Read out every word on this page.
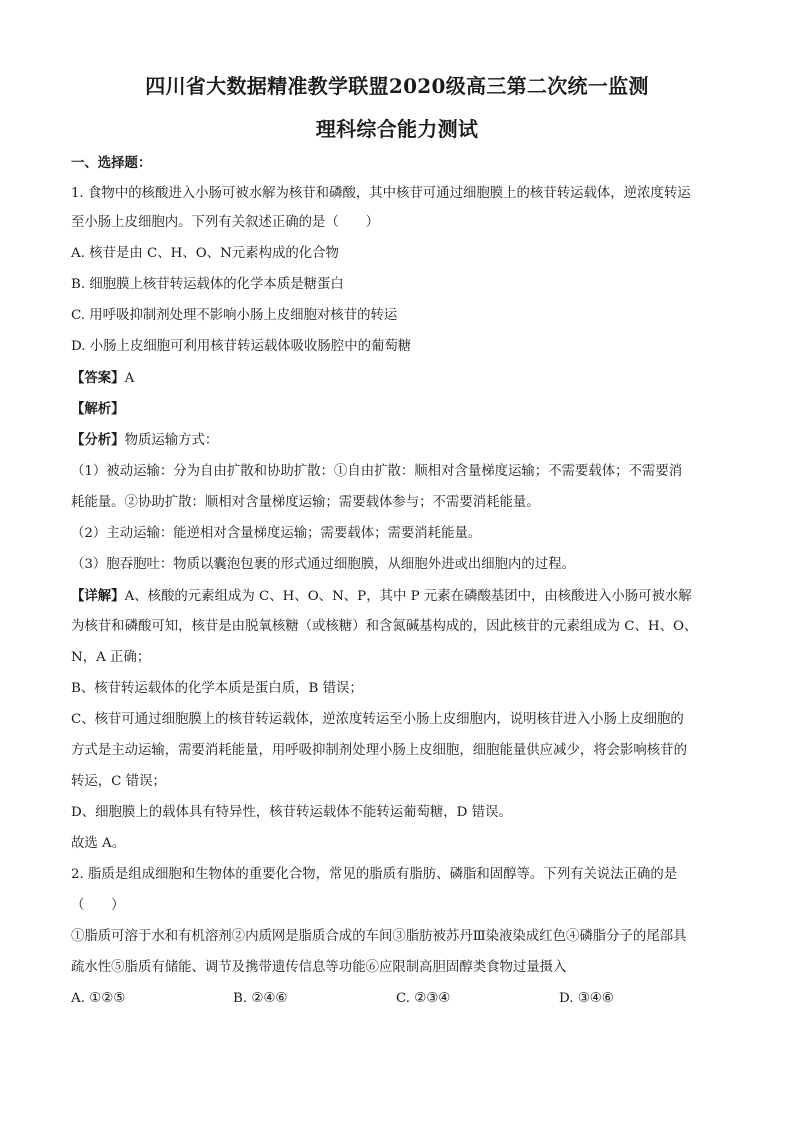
四川省大数据精准教学联盟2020级高三第二次统一监测
理科综合能力测试
一、选择题：
1. 食物中的核酸进入小肠可被水解为核苷和磷酸，其中核苷可通过细胞膜上的核苷转运载体，逆浓度转运
至小肠上皮细胞内。下列有关叙述正确的是（　　）
A. 核苷是由 C、H、O、N元素构成的化合物
B. 细胞膜上核苷转运载体的化学本质是糖蛋白
C. 用呼吸抑制剂处理不影响小肠上皮细胞对核苷的转运
D. 小肠上皮细胞可利用核苷转运载体吸收肠腔中的葡萄糖
【答案】A
【解析】
【分析】物质运输方式：
（1）被动运输：分为自由扩散和协助扩散：①自由扩散：顺相对含量梯度运输；不需要载体；不需要消
耗能量。②协助扩散：顺相对含量梯度运输；需要载体参与；不需要消耗能量。
（2）主动运输：能逆相对含量梯度运输；需要载体；需要消耗能量。
（3）胞吞胞吐：物质以囊泡包裹的形式通过细胞膜，从细胞外进或出细胞内的过程。
【详解】A、核酸的元素组成为 C、H、O、N、P，其中 P 元素在磷酸基团中，由核酸进入小肠可被水解
为核苷和磷酸可知，核苷是由脱氧核糖（或核糖）和含氮碱基构成的，因此核苷的元素组成为 C、H、O、
N，A 正确；
B、核苷转运载体的化学本质是蛋白质，B 错误；
C、核苷可通过细胞膜上的核苷转运载体，逆浓度转运至小肠上皮细胞内，说明核苷进入小肠上皮细胞的
方式是主动运输，需要消耗能量，用呼吸抑制剂处理小肠上皮细胞，细胞能量供应减少，将会影响核苷的
转运，C 错误；
D、细胞膜上的载体具有特异性，核苷转运载体不能转运葡萄糖，D 错误。
故选 A。
2. 脂质是组成细胞和生物体的重要化合物，常见的脂质有脂肪、磷脂和固醇等。下列有关说法正确的是
（　　）
①脂质可溶于水和有机溶剂②内质网是脂质合成的车间③脂肪被苏丹Ⅲ染液染成红色④磷脂分子的尾部具
疏水性⑤脂质有储能、调节及携带遗传信息等功能⑥应限制高胆固醇类食物过量摄入
A. ①②⑤	B. ②④⑥	C. ②③④	D. ③④⑥
